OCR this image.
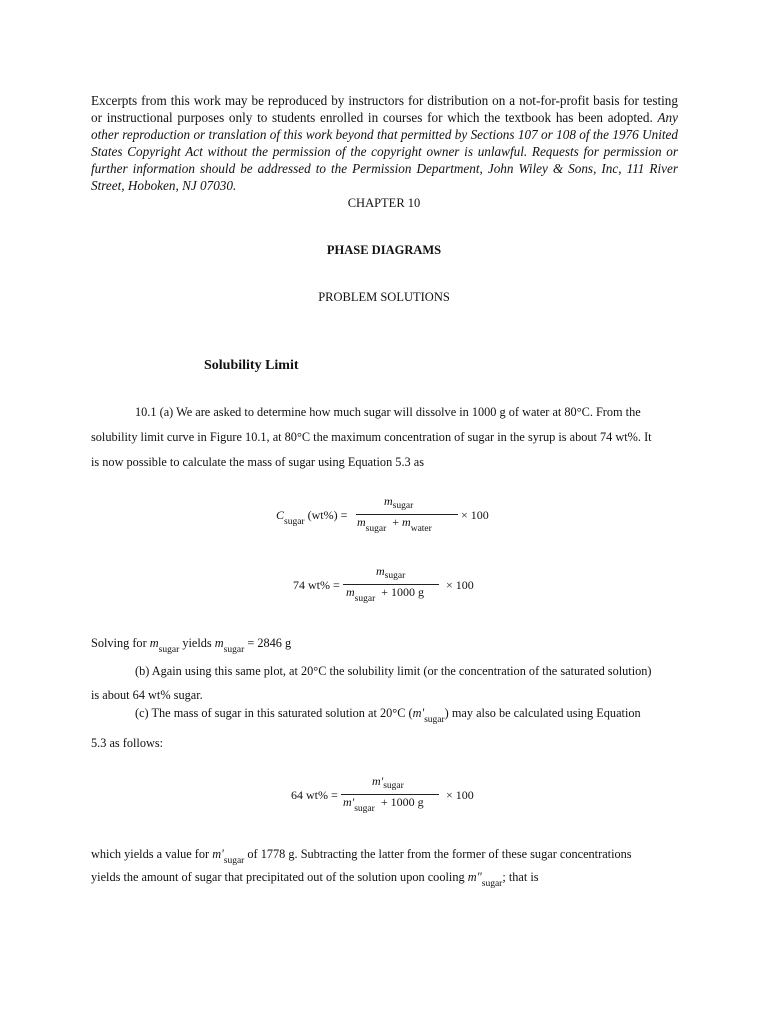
Excerpts from this work may be reproduced by instructors for distribution on a not-for-profit basis for testing or instructional purposes only to students enrolled in courses for which the textbook has been adopted. Any other reproduction or translation of this work beyond that permitted by Sections 107 or 108 of the 1976 United States Copyright Act without the permission of the copyright owner is unlawful. Requests for permission or further information should be addressed to the Permission Department, John Wiley & Sons, Inc, 111 River Street, Hoboken, NJ 07030.
CHAPTER 10
PHASE DIAGRAMS
PROBLEM SOLUTIONS
Solubility Limit
10.1 (a) We are asked to determine how much sugar will dissolve in 1000 g of water at 80°C. From the
solubility limit curve in Figure 10.1, at 80°C the maximum concentration of sugar in the syrup is about 74 wt%. It
is now possible to calculate the mass of sugar using Equation 5.3 as
$C_{sugar}$ (wt%) =
$m_{sugar}$
$m_{sugar} + m_{water}$
× 100
74 wt% =
$m_{sugar}$
$m_{sugar} + 1000$ g × 100
Solving for $m_{sugar}$ yields $m_{sugar} = 2846$ g
(b) Again using this same plot, at 20°C the solubility limit (or the concentration of the saturated solution)
is about 64 wt% sugar.
(c) The mass of sugar in this saturated solution at 20°C $(m'_{sugar})$ may also be calculated using Equation
5.3 as follows:
64 wt% =
$m'_{sugar}$
$m'_{sugar} + 1000$ g × 100
which yields a value for $m'_{sugar}$ of 1778 g. Subtracting the latter from the former of these sugar concentrations
yields the amount of sugar that precipitated out of the solution upon cooling $m"_{sugar}$; that is
